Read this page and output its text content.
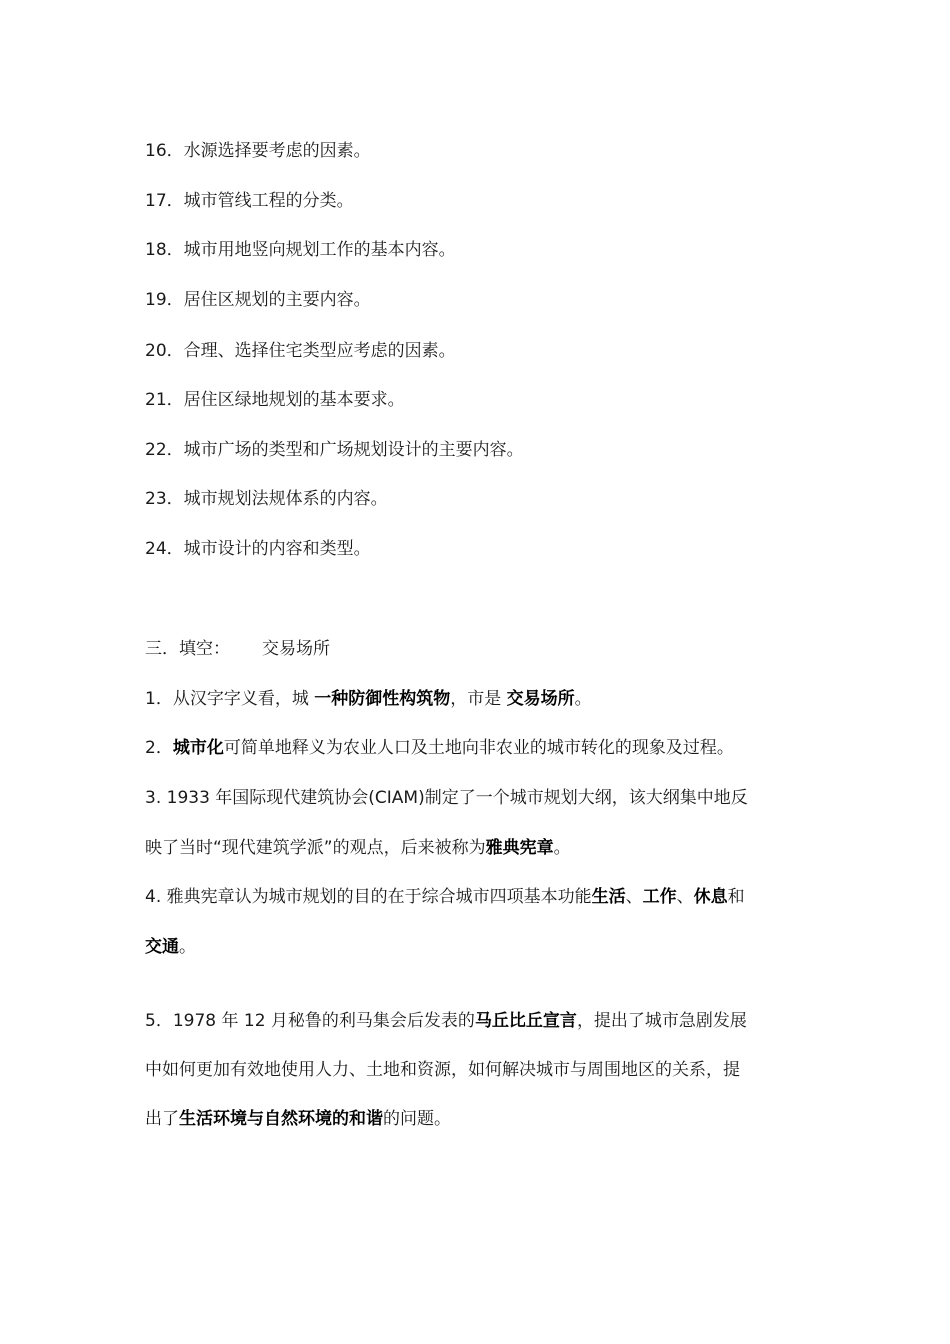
16．水源选择要考虑的因素。
17．城市管线工程的分类。
18．城市用地竖向规划工作的基本内容。
19．居住区规划的主要内容。
20．合理、选择住宅类型应考虑的因素。
21．居住区绿地规划的基本要求。
22．城市广场的类型和广场规划设计的主要内容。
23．城市规划法规体系的内容。
24．城市设计的内容和类型。
三．填空： 交易场所
1．从汉字字义看，城 一种防御性构筑物，市是 交易场所。
2．城市化可简单地释义为农业人口及土地向非农业的城市转化的现象及过程。
3. 1933 年国际现代建筑协会(CIAM)制定了一个城市规划大纲，该大纲集中地反
映了当时“现代建筑学派”的观点，后来被称为雅典宪章。
4. 雅典宪章认为城市规划的目的在于综合城市四项基本功能生活、工作、休息和
交通。
5．1978 年 12 月秘鲁的利马集会后发表的马丘比丘宣言，提出了城市急剧发展
中如何更加有效地使用人力、土地和资源，如何解决城市与周围地区的关系，提
出了生活环境与自然环境的和谐的问题。
